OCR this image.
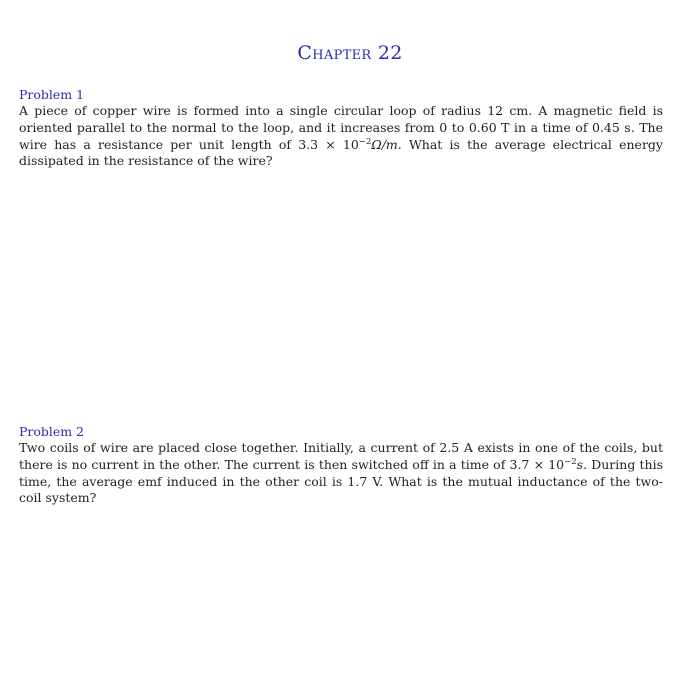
Chapter 22
Problem 1

A piece of copper wire is formed into a single circular loop of radius 12 cm. A magnetic field is oriented parallel to the normal to the loop, and it increases from 0 to 0.60 T in a time of 0.45 s. The wire has a resistance per unit length of $3.3 \times 10^{-2}\Omega/m$. What is the average electrical energy dissipated in the resistance of the wire?

Problem 2

Two coils of wire are placed close together. Initially, a current of 2.5 A exists in one of the coils, but there is no current in the other. The current is then switched off in a time of $3.7 \times 10^{-2}s$. During this time, the average emf induced in the other coil is 1.7 V. What is the mutual inductance of the two-coil system?
